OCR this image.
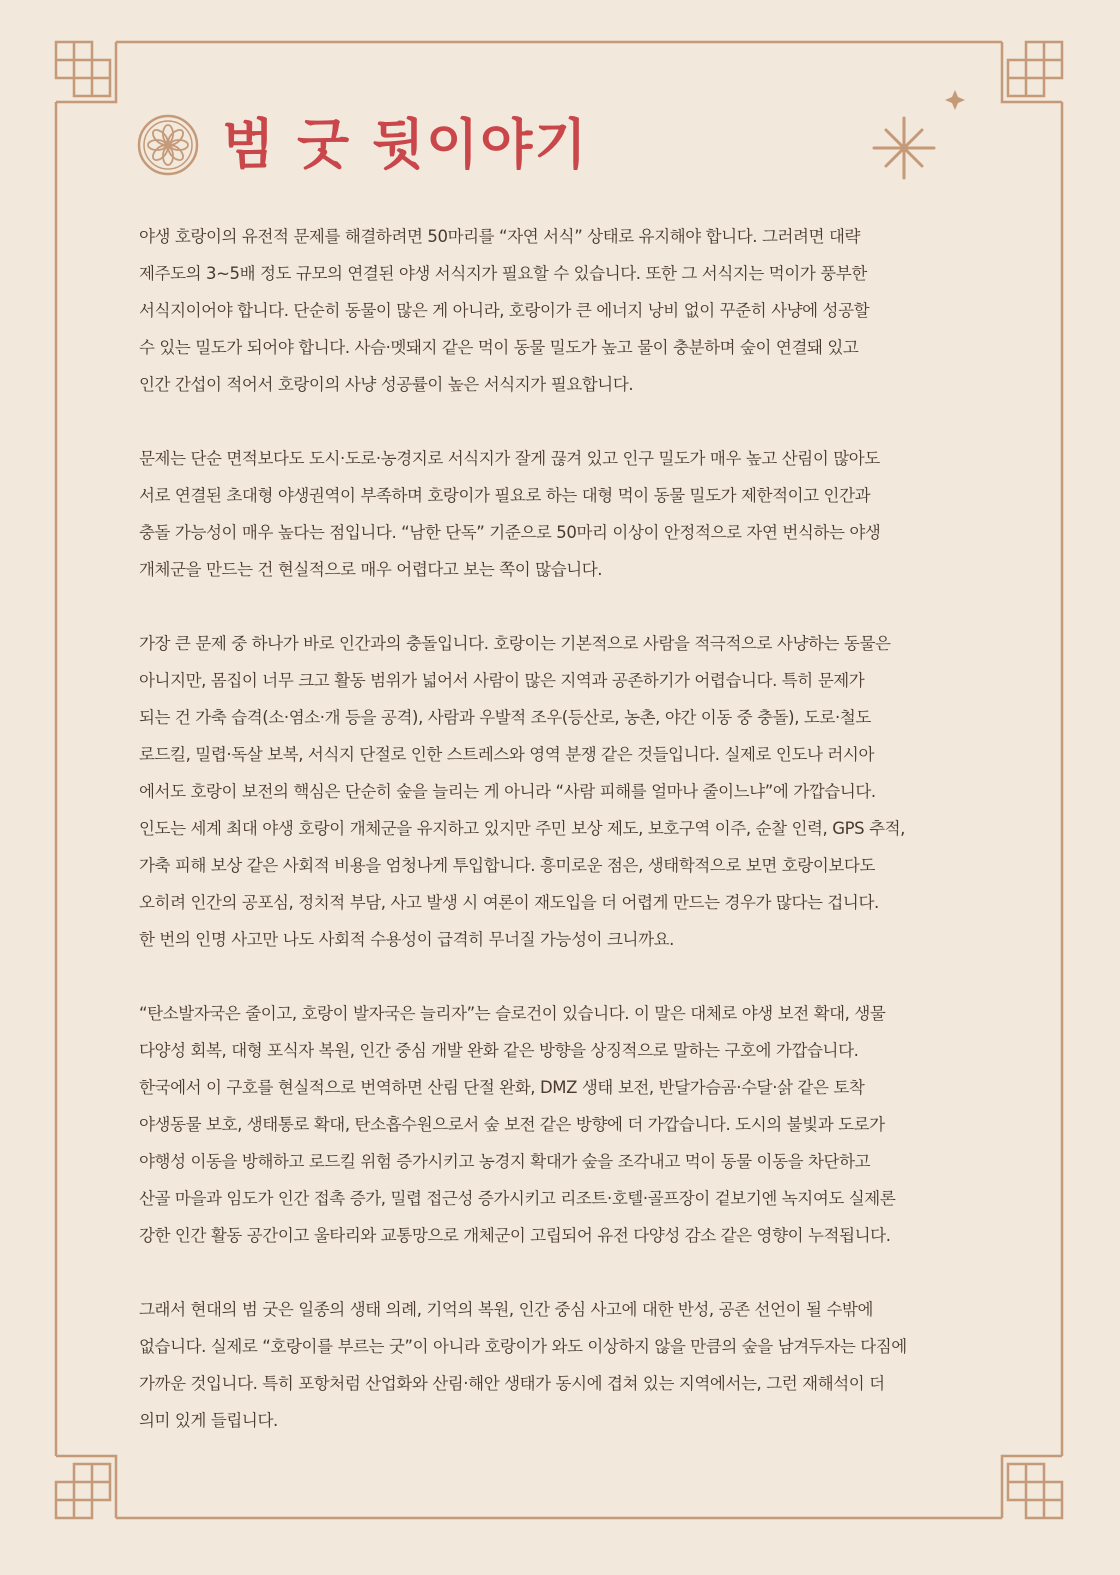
범 굿 뒷이야기
야생 호랑이의 유전적 문제를 해결하려면 50마리를 “자연 서식” 상태로 유지해야 합니다. 그러려면 대략
제주도의 3~5배 정도 규모의 연결된 야생 서식지가 필요할 수 있습니다. 또한 그 서식지는 먹이가 풍부한
서식지이어야 합니다. 단순히 동물이 많은 게 아니라, 호랑이가 큰 에너지 낭비 없이 꾸준히 사냥에 성공할
수 있는 밀도가 되어야 합니다. 사슴·멧돼지 같은 먹이 동물 밀도가 높고 물이 충분하며 숲이 연결돼 있고
인간 간섭이 적어서 호랑이의 사냥 성공률이 높은 서식지가 필요합니다.
문제는 단순 면적보다도 도시·도로·농경지로 서식지가 잘게 끊겨 있고 인구 밀도가 매우 높고 산림이 많아도
서로 연결된 초대형 야생권역이 부족하며 호랑이가 필요로 하는 대형 먹이 동물 밀도가 제한적이고 인간과
충돌 가능성이 매우 높다는 점입니다. “남한 단독” 기준으로 50마리 이상이 안정적으로 자연 번식하는 야생
개체군을 만드는 건 현실적으로 매우 어렵다고 보는 쪽이 많습니다.
가장 큰 문제 중 하나가 바로 인간과의 충돌입니다. 호랑이는 기본적으로 사람을 적극적으로 사냥하는 동물은
아니지만, 몸집이 너무 크고 활동 범위가 넓어서 사람이 많은 지역과 공존하기가 어렵습니다. 특히 문제가
되는 건 가축 습격(소·염소·개 등을 공격), 사람과 우발적 조우(등산로, 농촌, 야간 이동 중 충돌), 도로·철도
로드킬, 밀렵·독살 보복, 서식지 단절로 인한 스트레스와 영역 분쟁 같은 것들입니다. 실제로 인도나 러시아
에서도 호랑이 보전의 핵심은 단순히 숲을 늘리는 게 아니라 “사람 피해를 얼마나 줄이느냐”에 가깝습니다.
인도는 세계 최대 야생 호랑이 개체군을 유지하고 있지만 주민 보상 제도, 보호구역 이주, 순찰 인력, GPS 추적,
가축 피해 보상 같은 사회적 비용을 엄청나게 투입합니다. 흥미로운 점은, 생태학적으로 보면 호랑이보다도
오히려 인간의 공포심, 정치적 부담, 사고 발생 시 여론이 재도입을 더 어렵게 만드는 경우가 많다는 겁니다.
한 번의 인명 사고만 나도 사회적 수용성이 급격히 무너질 가능성이 크니까요.
“탄소발자국은 줄이고, 호랑이 발자국은 늘리자”는 슬로건이 있습니다. 이 말은 대체로 야생 보전 확대, 생물
다양성 회복, 대형 포식자 복원, 인간 중심 개발 완화 같은 방향을 상징적으로 말하는 구호에 가깝습니다.
한국에서 이 구호를 현실적으로 번역하면 산림 단절 완화, DMZ 생태 보전, 반달가슴곰·수달·삵 같은 토착
야생동물 보호, 생태통로 확대, 탄소흡수원으로서 숲 보전 같은 방향에 더 가깝습니다. 도시의 불빛과 도로가
야행성 이동을 방해하고 로드킬 위험 증가시키고 농경지 확대가 숲을 조각내고 먹이 동물 이동을 차단하고
산골 마을과 임도가 인간 접촉 증가, 밀렵 접근성 증가시키고 리조트·호텔·골프장이 겉보기엔 녹지여도 실제론
강한 인간 활동 공간이고 울타리와 교통망으로 개체군이 고립되어 유전 다양성 감소 같은 영향이 누적됩니다.
그래서 현대의 범 굿은 일종의 생태 의례, 기억의 복원, 인간 중심 사고에 대한 반성, 공존 선언이 될 수밖에
없습니다. 실제로 “호랑이를 부르는 굿”이 아니라 호랑이가 와도 이상하지 않을 만큼의 숲을 남겨두자는 다짐에
가까운 것입니다. 특히 포항처럼 산업화와 산림·해안 생태가 동시에 겹쳐 있는 지역에서는, 그런 재해석이 더
의미 있게 들립니다.
